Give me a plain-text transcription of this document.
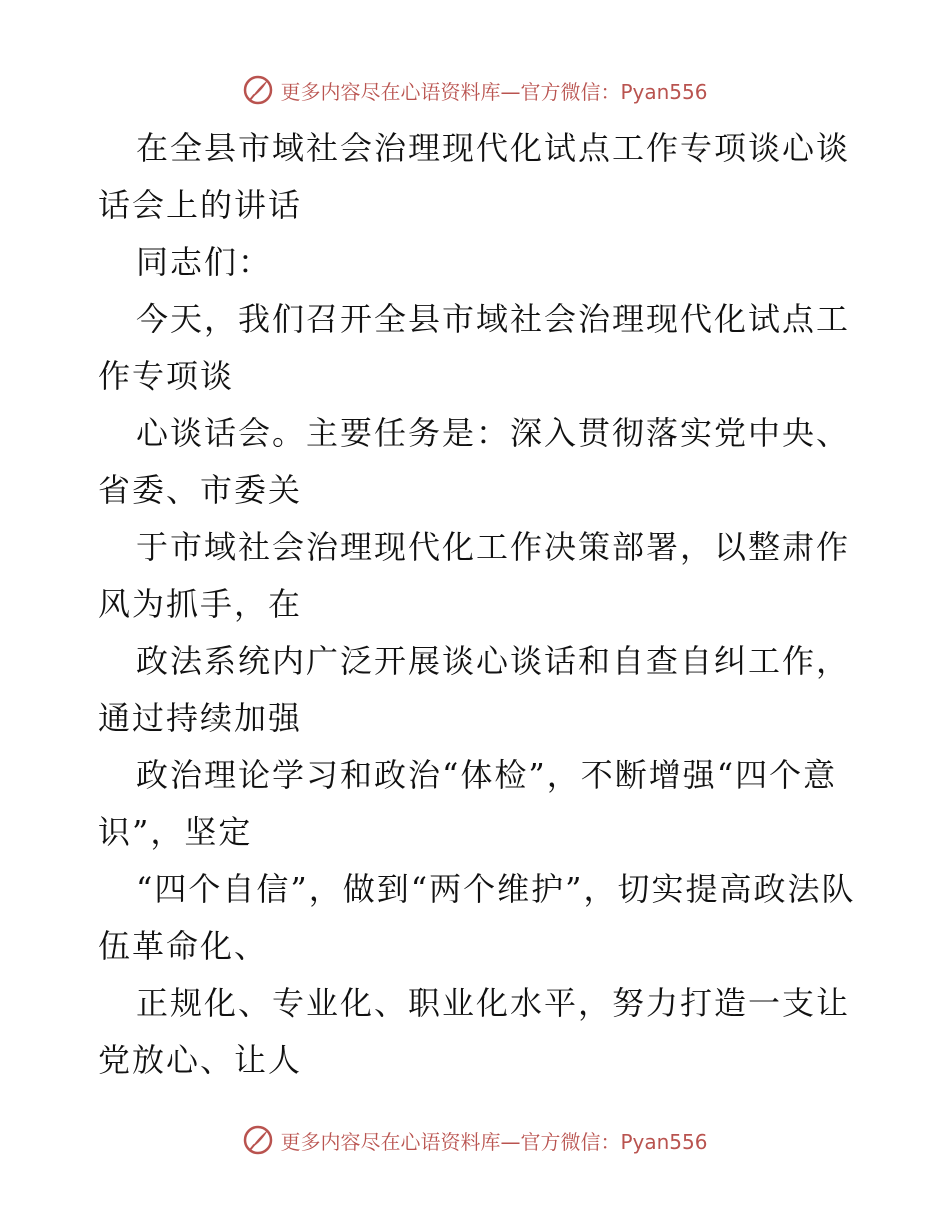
更多内容尽在心语资料库—官方微信：Pyan556

在全县市域社会治理现代化试点工作专项谈心谈话会上的讲话

同志们：

今天，我们召开全县市域社会治理现代化试点工作专项谈

心谈话会。主要任务是：深入贯彻落实党中央、省委、市委关

于市域社会治理现代化工作决策部署，以整肃作风为抓手，在

政法系统内广泛开展谈心谈话和自查自纠工作，通过持续加强

政治理论学习和政治“体检”，不断增强“四个意识”，坚定

“四个自信”，做到“两个维护”，切实提高政法队伍革命化、

正规化、专业化、职业化水平，努力打造一支让党放心、让人

更多内容尽在心语资料库—官方微信：Pyan556
